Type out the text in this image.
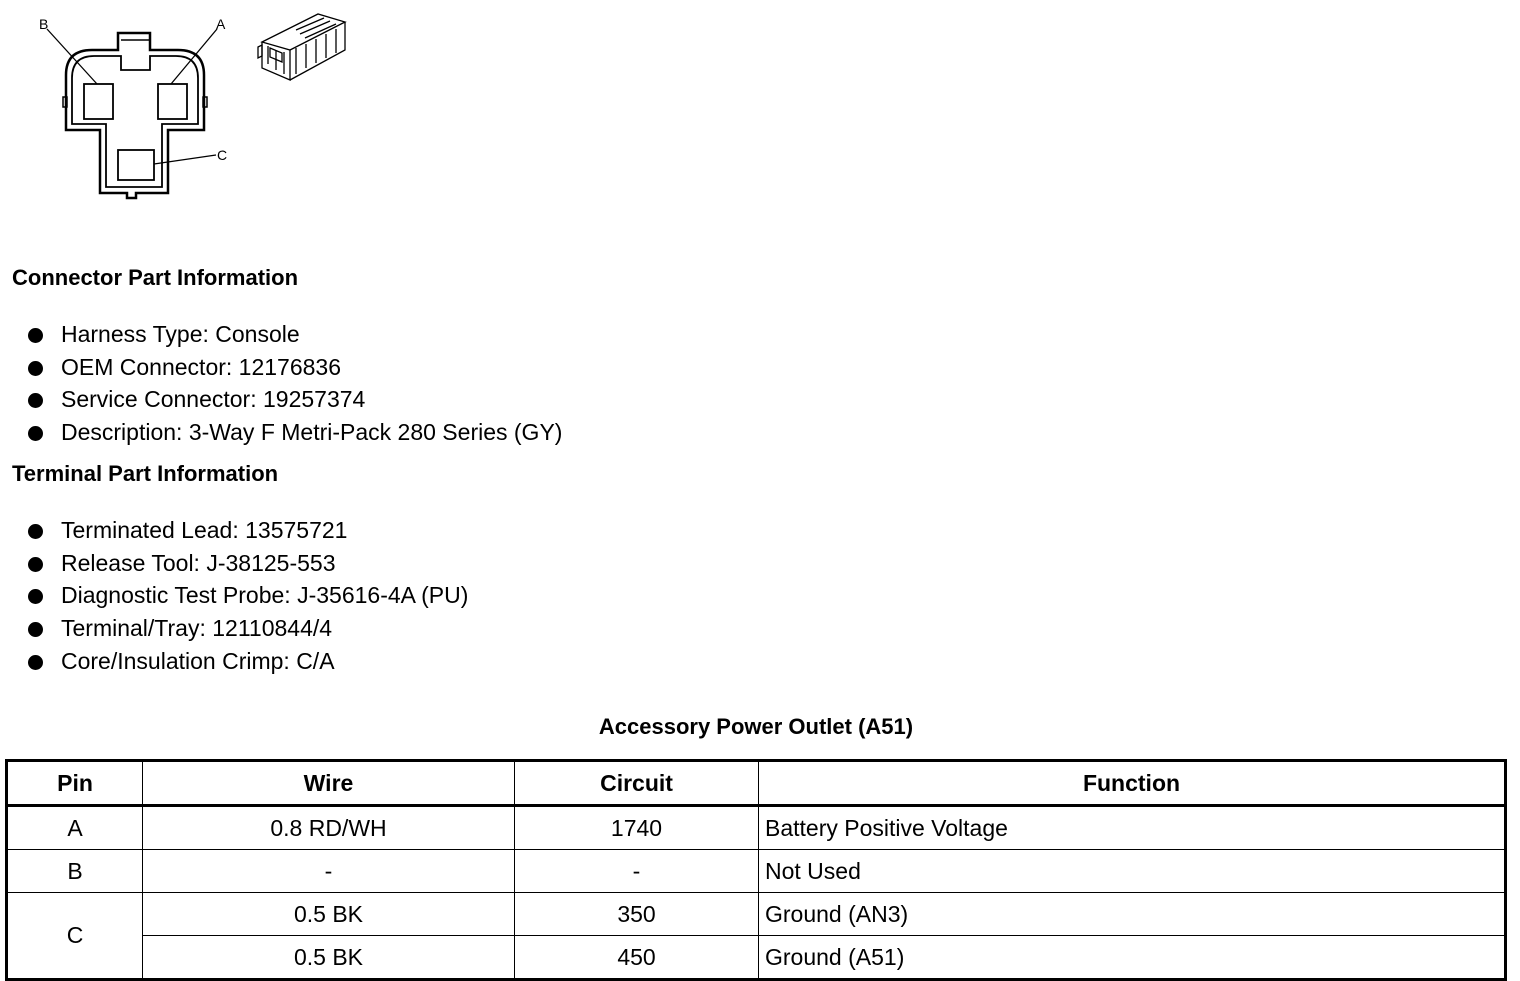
B	A
C
Connector Part Information
Harness Type: Console
OEM Connector: 12176836
Service Connector: 19257374
Description: 3-Way F Metri-Pack 280 Series (GY)
Terminal Part Information
Terminated Lead: 13575721
Release Tool: J-38125-553
Diagnostic Test Probe: J-35616-4A (PU)
Terminal/Tray: 12110844/4
Core/Insulation Crimp: C/A
Accessory Power Outlet (A51)
Pin	Wire	Circuit	Function
A	0.8 RD/WH	1740	Battery Positive Voltage
B	-	-	Not Used
C	0.5 BK	350	Ground (AN3)
	0.5 BK	450	Ground (A51)
